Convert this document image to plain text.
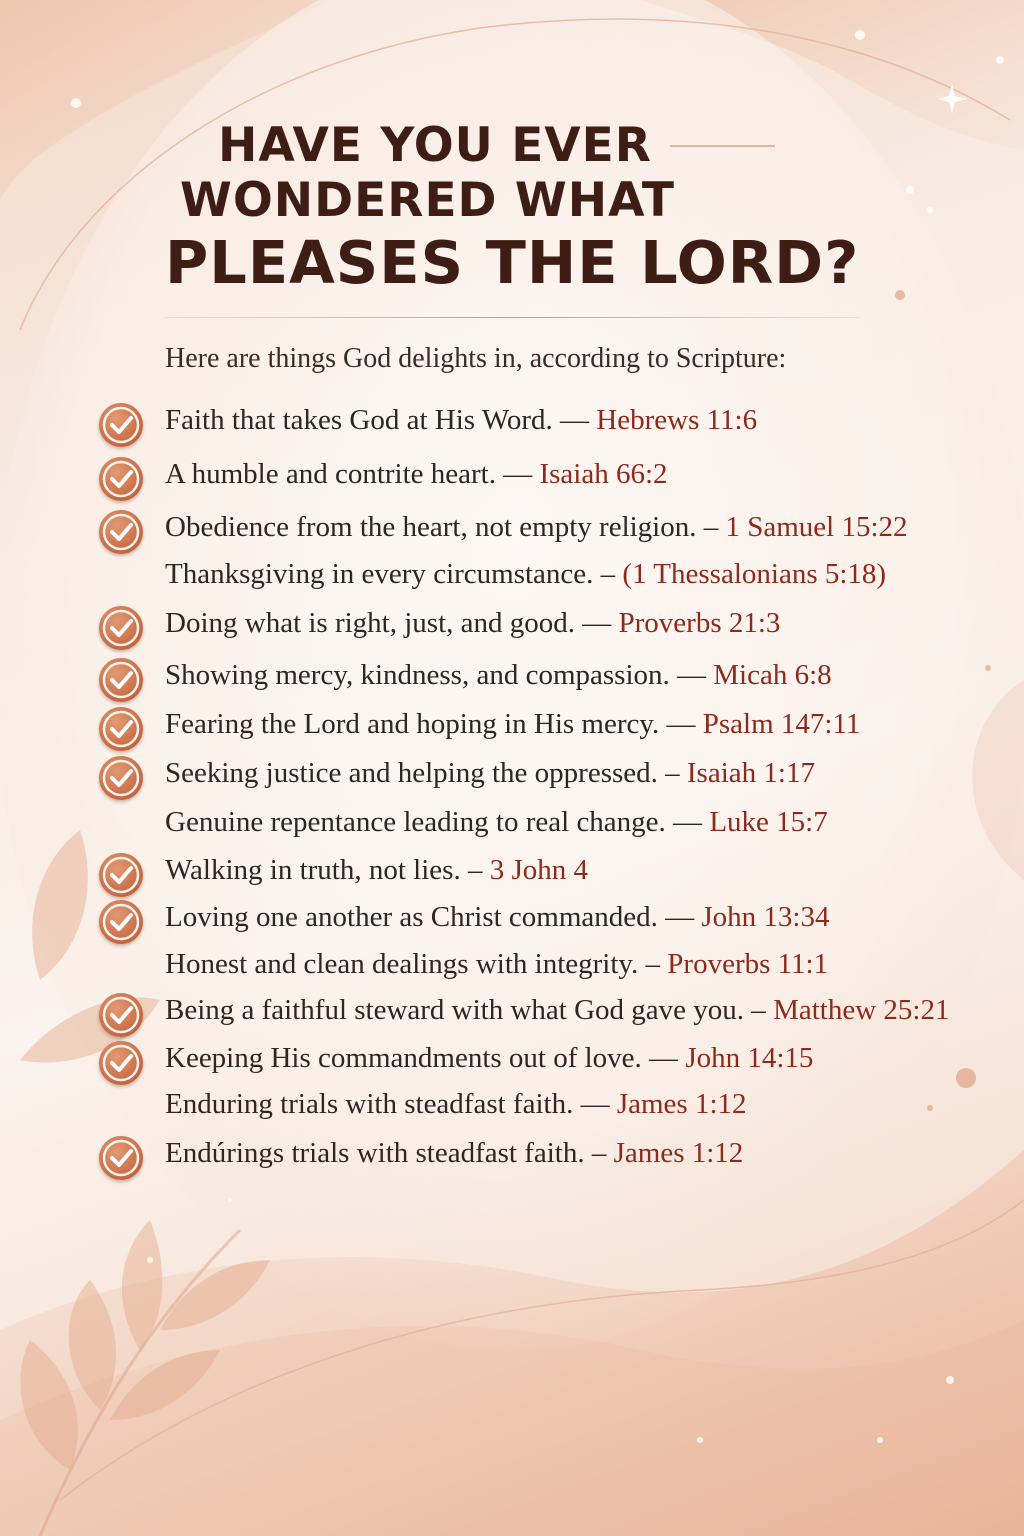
HAVE YOU EVER
WONDERED WHAT
PLEASES THE LORD?
Here are things God delights in, according to Scripture:
Faith that takes God at His Word. — Hebrews 11:6
A humble and contrite heart. — Isaiah 66:2
Obedience from the heart, not empty religion. – 1 Samuel 15:22
Thanksgiving in every circumstance. – (1 Thessalonians 5:18)
Doing what is right, just, and good. — Proverbs 21:3
Showing mercy, kindness, and compassion. — Micah 6:8
Fearing the Lord and hoping in His mercy. — Psalm 147:11
Seeking justice and helping the oppressed. – Isaiah 1:17
Genuine repentance leading to real change. — Luke 15:7
Walking in truth, not lies. – 3 John 4
Loving one another as Christ commanded. — John 13:34
Honest and clean dealings with integrity. – Proverbs 11:1
Being a faithful steward with what God gave you. – Matthew 25:21
Keeping His commandments out of love. — John 14:15
Enduring trials with steadfast faith. — James 1:12
Endúrings trials with steadfast faith. – James 1:12
